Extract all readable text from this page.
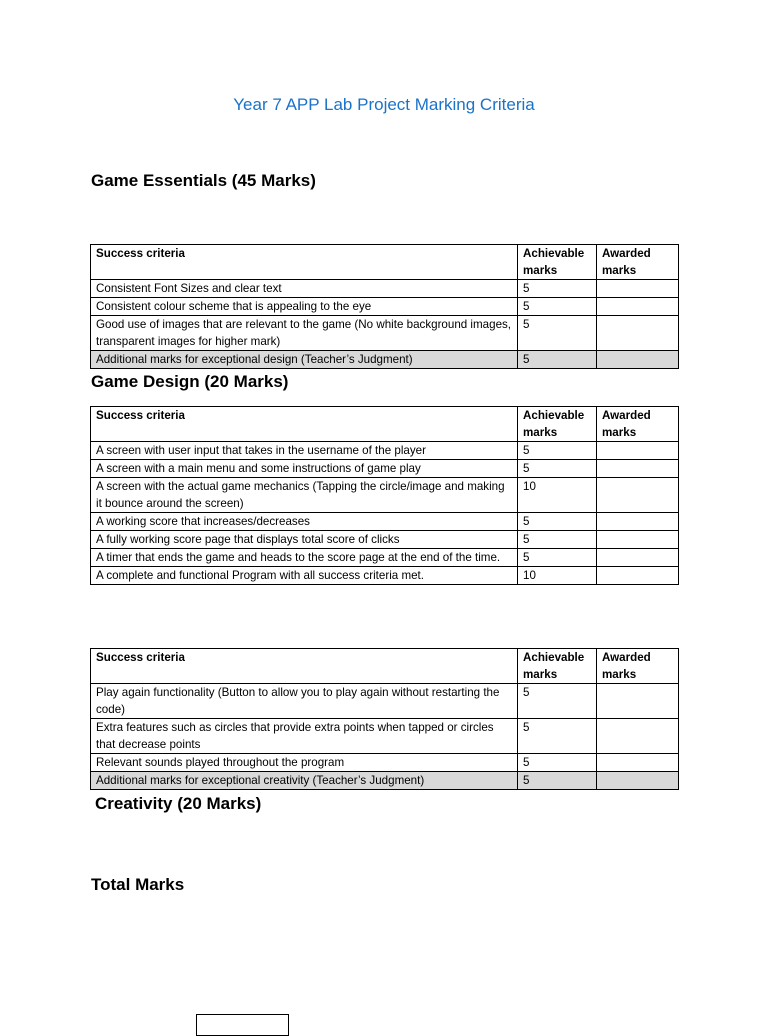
Year 7 APP Lab Project Marking Criteria
Game Essentials (45 Marks)
Success criteria	Achievable marks	Awarded marks
Consistent Font Sizes and clear text	5	
Consistent colour scheme that is appealing to the eye	5	
Good use of images that are relevant to the game (No white background images, transparent images for higher mark)	5	
Additional marks for exceptional design (Teacher’s Judgment)	5	
Game Design (20 Marks)
Success criteria	Achievable marks	Awarded marks
A screen with user input that takes in the username of the player	5	
A screen with a main menu and some instructions of game play	5	
A screen with the actual game mechanics (Tapping the circle/image and making it bounce around the screen)	10	
A working score that increases/decreases	5	
A fully working score page that displays total score of clicks	5	
A timer that ends the game and heads to the score page at the end of the time.	5	
A complete and functional Program with all success criteria met.	10	
Success criteria	Achievable marks	Awarded marks
Play again functionality (Button to allow you to play again without restarting the code)	5	
Extra features such as circles that provide extra points when tapped or circles that decrease points	5	
Relevant sounds played throughout the program	5	
Additional marks for exceptional creativity (Teacher’s Judgment)	5	
Creativity (20 Marks)
Total Marks
